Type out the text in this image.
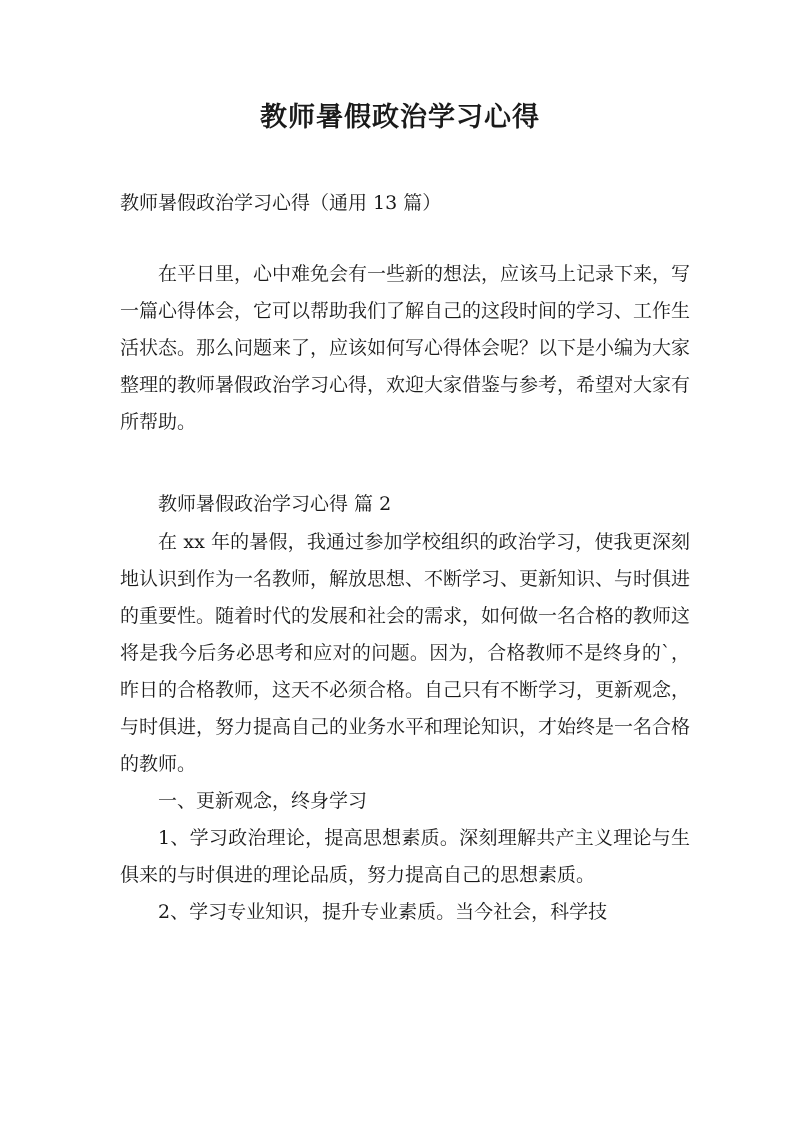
教师暑假政治学习心得

教师暑假政治学习心得（通用 13 篇）

在平日里，心中难免会有一些新的想法，应该马上记录下来，写一篇心得体会，它可以帮助我们了解自己的这段时间的学习、工作生活状态。那么问题来了，应该如何写心得体会呢？以下是小编为大家整理的教师暑假政治学习心得，欢迎大家借鉴与参考，希望对大家有所帮助。

教师暑假政治学习心得 篇 2

在 xx 年的暑假，我通过参加学校组织的政治学习，使我更深刻地认识到作为一名教师，解放思想、不断学习、更新知识、与时俱进的重要性。随着时代的发展和社会的需求，如何做一名合格的教师这将是我今后务必思考和应对的问题。因为，合格教师不是终身的`，昨日的合格教师，这天不必须合格。自己只有不断学习，更新观念，与时俱进，努力提高自己的业务水平和理论知识，才始终是一名合格的教师。

一、更新观念，终身学习

1、学习政治理论，提高思想素质。深刻理解共产主义理论与生俱来的与时俱进的理论品质，努力提高自己的思想素质。

2、学习专业知识，提升专业素质。当今社会，科学技
